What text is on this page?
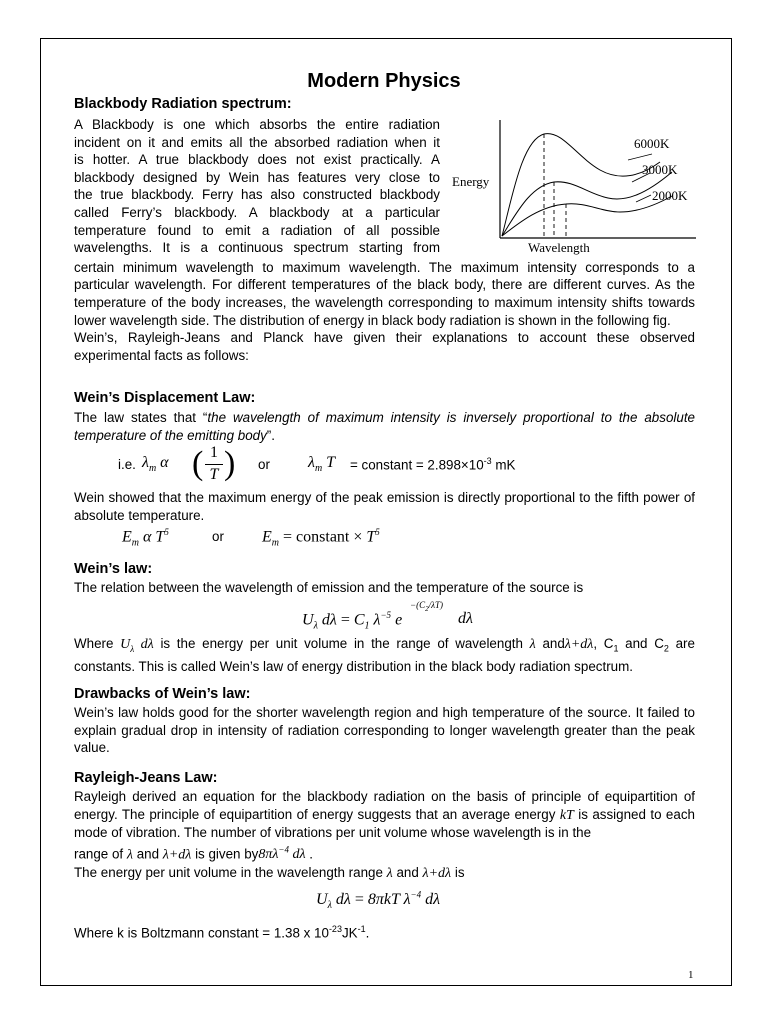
Modern Physics
Blackbody Radiation spectrum:

A Blackbody is one which absorbs the entire radiation

incident on it and emits all the absorbed radiation when it

is hotter. A true blackbody does not exist practically. A

blackbody designed by Wein has features very close to

the true blackbody. Ferry has also constructed blackbody

called Ferry’s blackbody. A blackbody at a particular

temperature found to emit a radiation of all possible

wavelengths. It is a continuous spectrum starting from

6000K
3000K
2000K
Energy
Wavelength

certain minimum wavelength to maximum wavelength. The maximum intensity corresponds to a particular wavelength. For different temperatures of the black body, there are different curves. As the temperature of the body increases, the wavelength corresponding to maximum intensity shifts towards lower wavelength side. The distribution of energy in black body radiation is shown in the following fig.

Wein’s, Rayleigh-Jeans and Planck have given their explanations to account these observed experimental facts as follows:

Wein’s Displacement Law:

The law states that “the wavelength of maximum intensity is inversely proportional to the absolute temperature of the emitting body”.

i.e. $\lambda_m$ α ( 1
T ) or $\lambda_m$ T = constant = $2.898\times 10^{-3}$ mK

Wein showed that the maximum energy of the peak emission is directly proportional to the fifth power of absolute temperature.

$E_m$ α $T^5$	or $E_m$ = constant × $T^5$
Wein’s law:

The relation between the wavelength of emission and the temperature of the source is

$U_\lambda$ $d\lambda = C_1$ $\lambda^{-5}$ e
$-(C_2/\lambda T)$
dλ

Where $U_\lambda$ dλ is the energy per unit volume in the range of wavelength λ andλ+dλ, $C_1$ and $C_2$ are constants. This is called Wein’s law of energy distribution in the black body radiation spectrum.

Drawbacks of Wein’s law:

Wein’s law holds good for the shorter wavelength region and high temperature of the source. It failed to explain gradual drop in intensity of radiation corresponding to longer wavelength greater than the peak value.

Rayleigh-Jeans Law:

Rayleigh derived an equation for the blackbody radiation on the basis of principle of equipartition of energy. The principle of equipartition of energy suggests that an average energy kT is assigned to each mode of vibration. The number of vibrations per unit volume whose wavelength is in the

range of λ and λ+dλ is given $by8\pi\lambda^{-4}$ dλ .

The energy per unit volume in the wavelength range λ and λ+dλ is

$U_\lambda$ dλ = 8πkT $\lambda^{-4}$ dλ

Where k is Boltzmann constant = 1.38 x $10^{-23}JK^{-1}$.

1
